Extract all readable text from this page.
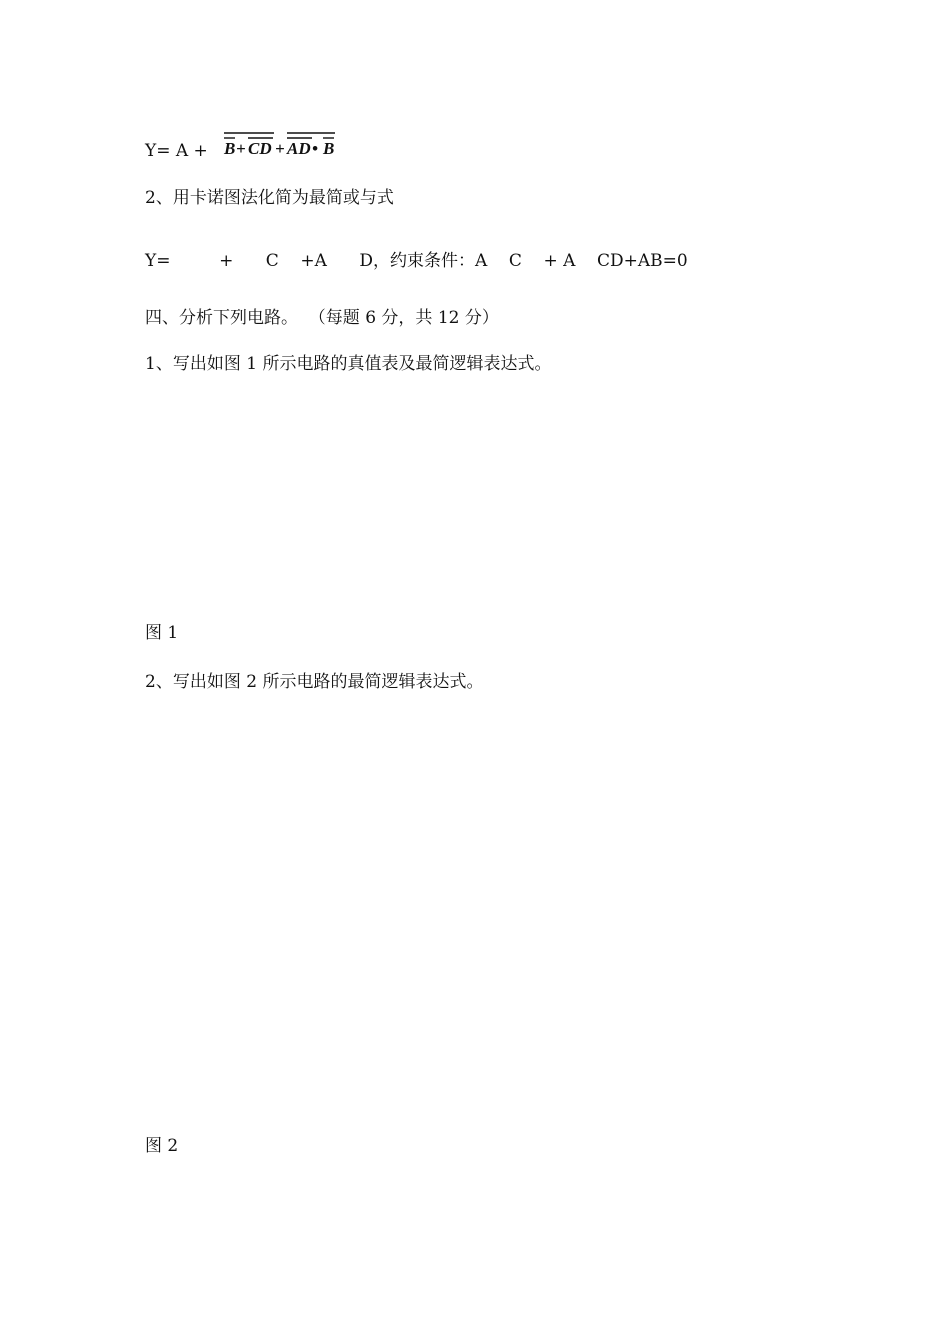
Y= A + B + CD + AD • B
2、用卡诺图法化简为最简或与式
Y=         +      C    +A      D，约束条件：A    C    + A    CD+AB=0
四、分析下列电路。  （每题 6 分，共 12 分）
1、写出如图 1 所示电路的真值表及最简逻辑表达式。
图 1
2、写出如图 2 所示电路的最简逻辑表达式。
图 2
